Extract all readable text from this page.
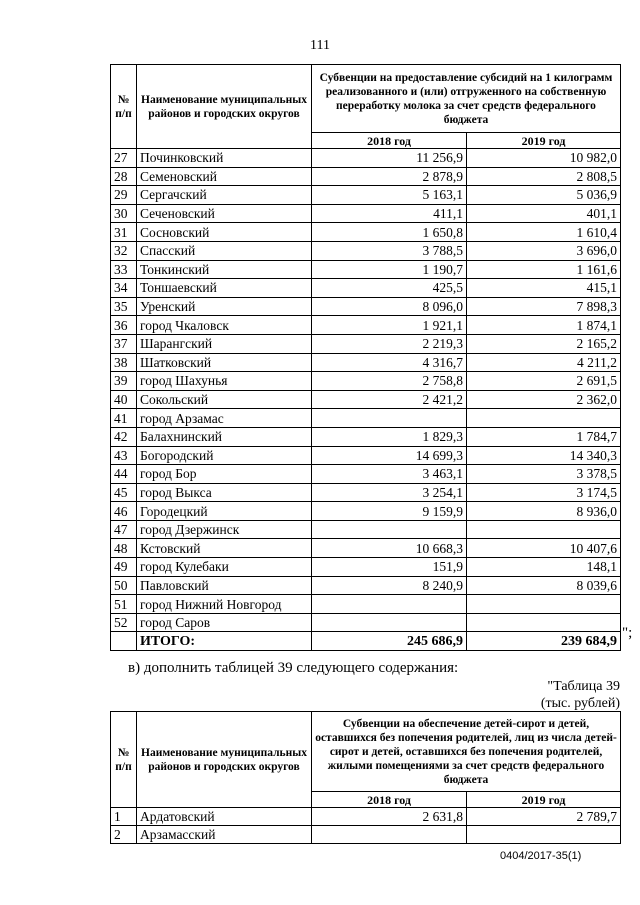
111
№ п/п	Наименование муниципальных районов и городских округов	Субвенции на предоставление субсидий на 1 килограмм реализованного и (или) отгруженного на собственную переработку молока за счет средств федерального бюджета	
		2018 год	2019 год
27	Починковский	11 256,9	10 982,0
28	Семеновский	2 878,9	2 808,5
29	Сергачский	5 163,1	5 036,9
30	Сеченовский	411,1	401,1
31	Сосновский	1 650,8	1 610,4
32	Спасский	3 788,5	3 696,0
33	Тонкинский	1 190,7	1 161,6
34	Тоншаевский	425,5	415,1
35	Уренский	8 096,0	7 898,3
36	город Чкаловск	1 921,1	1 874,1
37	Шарангский	2 219,3	2 165,2
38	Шатковский	4 316,7	4 211,2
39	город Шахунья	2 758,8	2 691,5
40	Сокольский	2 421,2	2 362,0
41	город Арзамас		
42	Балахнинский	1 829,3	1 784,7
43	Богородский	14 699,3	14 340,3
44	город Бор	3 463,1	3 378,5
45	город Выкса	3 254,1	3 174,5
46	Городецкий	9 159,9	8 936,0
47	город Дзержинск		
48	Кстовский	10 668,3	10 407,6
49	город Кулебаки	151,9	148,1
50	Павловский	8 240,9	8 039,6
51	город Нижний Новгород		
52	город Саров		
	ИТОГО:	245 686,9	239 684,9
";
в) дополнить таблицей 39 следующего содержания:
"Таблица 39
(тыс. рублей)
№ п/п	Наименование муниципальных районов и городских округов	Субвенции на обеспечение детей-сирот и детей, оставшихся без попечения родителей, лиц из числа детей-сирот и детей, оставшихся без попечения родителей, жилыми помещениями за счет средств федерального бюджета	
		2018 год	2019 год
1	Ардатовский	2 631,8	2 789,7
2	Арзамасский		
0404/2017-35(1)
